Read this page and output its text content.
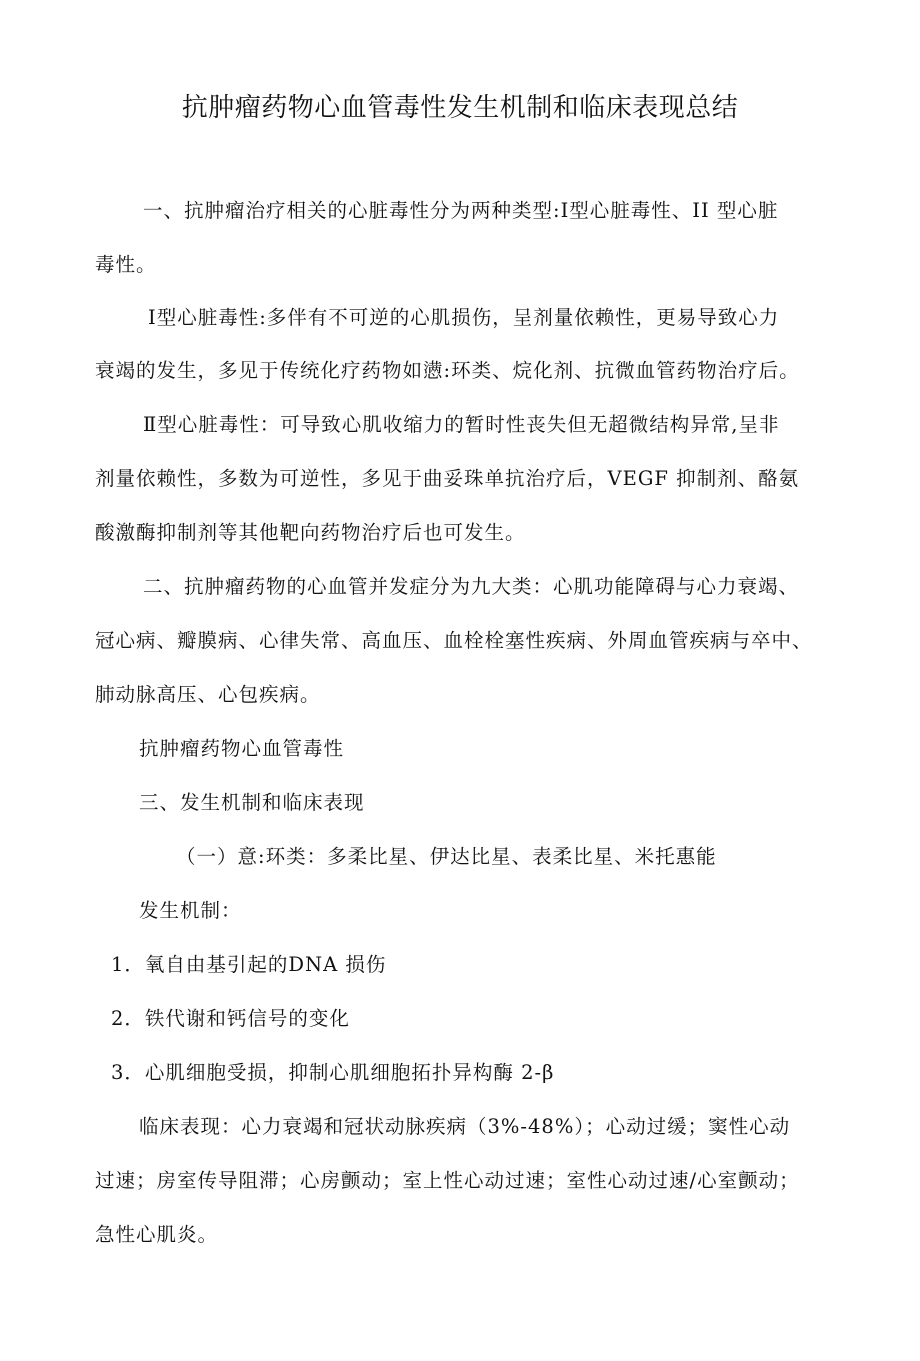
抗肿瘤药物心血管毒性发生机制和临床表现总结

一、抗肿瘤治疗相关的心脏毒性分为两种类型:Ⅰ型心脏毒性、II 型心脏

毒性。

Ⅰ型心脏毒性:多伴有不可逆的心肌损伤，呈剂量依赖性，更易导致心力

衰竭的发生，多见于传统化疗药物如懑:环类、烷化剂、抗微血管药物治疗后。

Ⅱ型心脏毒性：可导致心肌收缩力的暂时性丧失但无超微结构异常,呈非

剂量依赖性，多数为可逆性，多见于曲妥珠单抗治疗后，VEGF 抑制剂、酪氨

酸激酶抑制剂等其他靶向药物治疗后也可发生。

二、抗肿瘤药物的心血管并发症分为九大类：心肌功能障碍与心力衰竭、

冠心病、瓣膜病、心律失常、高血压、血栓栓塞性疾病、外周血管疾病与卒中、

肺动脉高压、心包疾病。

抗肿瘤药物心血管毒性

三、发生机制和临床表现

（一）意:环类：多柔比星、伊达比星、表柔比星、米托惠能

发生机制：

1．氧自由基引起的DNA 损伤

2．铁代谢和钙信号的变化

3．心肌细胞受损，抑制心肌细胞拓扑异构酶 2-β

临床表现：心力衰竭和冠状动脉疾病（3%-48%）；心动过缓；窦性心动

过速；房室传导阻滞；心房颤动；室上性心动过速；室性心动过速/心室颤动；

急性心肌炎。
